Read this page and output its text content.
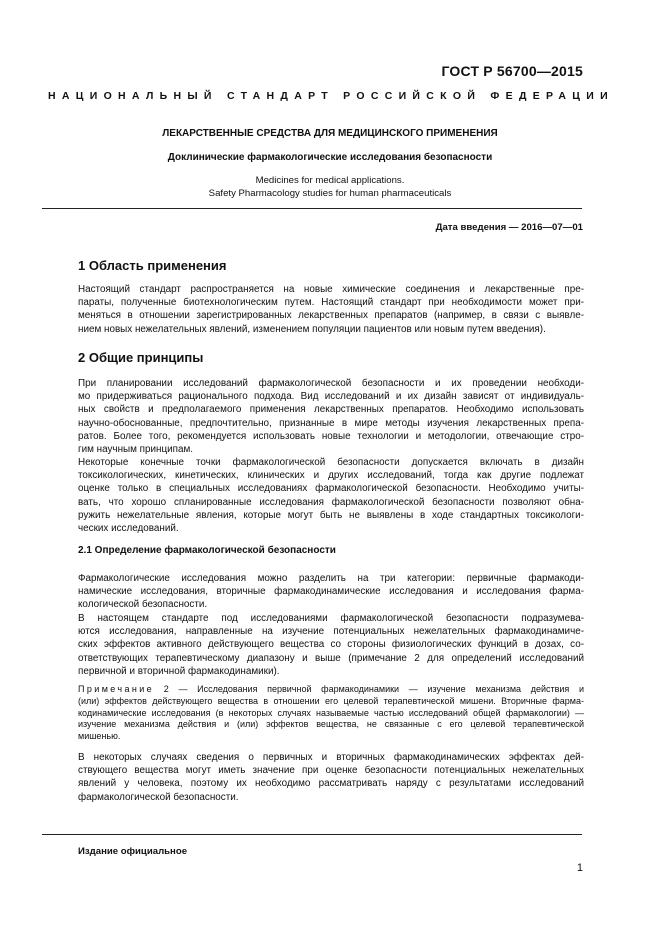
ГОСТ Р 56700—2015
НАЦИОНАЛЬНЫЙ СТАНДАРТ РОССИЙСКОЙ ФЕДЕРАЦИИ
ЛЕКАРСТВЕННЫЕ СРЕДСТВА ДЛЯ МЕДИЦИНСКОГО ПРИМЕНЕНИЯ
Доклинические фармакологические исследования безопасности
Medicines for medical applications.
Safety Pharmacology studies for human pharmaceuticals
Дата введения — 2016—07—01
1 Область применения
Настоящий стандарт распространяется на новые химические соединения и лекарственные пре-
параты, полученные биотехнологическим путем. Настоящий стандарт при необходимости может при-
меняться в отношении зарегистрированных лекарственных препаратов (например, в связи с выявле-
нием новых нежелательных явлений, изменением популяции пациентов или новым путем введения).
2 Общие принципы
При планировании исследований фармакологической безопасности и их проведении необходи-
мо придерживаться рационального подхода. Вид исследований и их дизайн зависят от индивидуаль-
ных свойств и предполагаемого применения лекарственных препаратов. Необходимо использовать
научно-обоснованные, предпочтительно, признанные в мире методы изучения лекарственных препа-
ратов. Более того, рекомендуется использовать новые технологии и методологии, отвечающие стро-
гим научным принципам.
Некоторые конечные точки фармакологической безопасности допускается включать в дизайн
токсикологических, кинетических, клинических и других исследований, тогда как другие подлежат
оценке только в специальных исследованиях фармакологической безопасности. Необходимо учиты-
вать, что хорошо спланированные исследования фармакологической безопасности позволяют обна-
ружить нежелательные явления, которые могут быть не выявлены в ходе стандартных токсикологи-
ческих исследований.
2.1 Определение фармакологической безопасности
Фармакологические исследования можно разделить на три категории: первичные фармакоди-
намические исследования, вторичные фармакодинамические исследования и исследования фарма-
кологической безопасности.
В настоящем стандарте под исследованиями фармакологической безопасности подразумева-
ются исследования, направленные на изучение потенциальных нежелательных фармакодинамиче-
ских эффектов активного действующего вещества со стороны физиологических функций в дозах, со-
ответствующих терапевтическому диапазону и выше (примечание 2 для определений исследований
первичной и вторичной фармакодинамики).
Примечание 2 — Исследования первичной фармакодинамики — изучение механизма действия и
(или) эффектов действующего вещества в отношении его целевой терапевтической мишени. Вторичные фарма-
кодинамические исследования (в некоторых случаях называемые частью исследований общей фармакологии) —
изучение механизма действия и (или) эффектов вещества, не связанные с его целевой терапевтической
мишенью.
В некоторых случаях сведения о первичных и вторичных фармакодинамических эффектах дей-
ствующего вещества могут иметь значение при оценке безопасности потенциальных нежелательных
явлений у человека, поэтому их необходимо рассматривать наряду с результатами исследований
фармакологической безопасности.
Издание официальное
1
